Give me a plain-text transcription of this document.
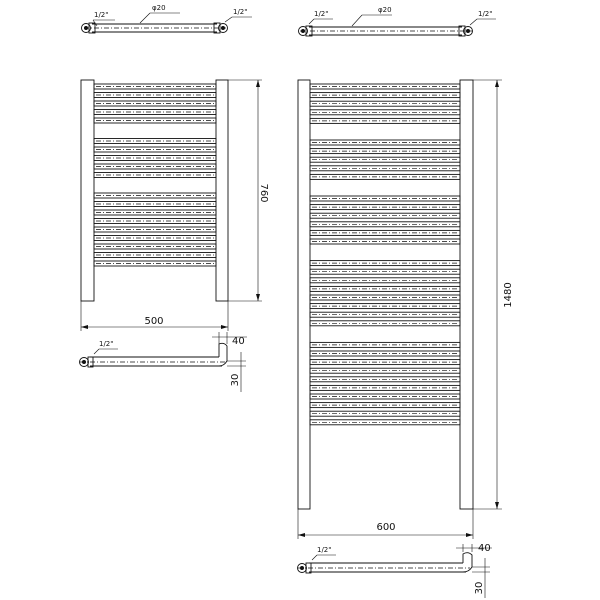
1/2"
φ20	1/2"
760
500
1/2"	40
30
1/2"	φ20	1/2"
1480
600
1/2"	40
30
